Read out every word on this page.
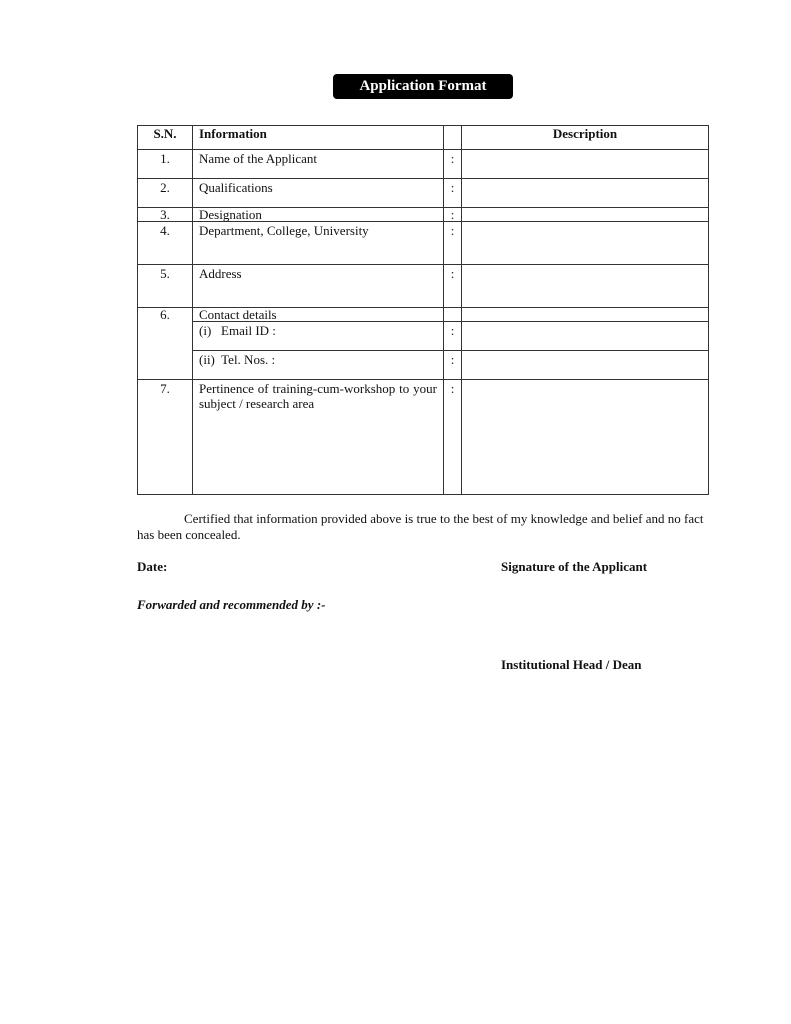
Application Format
S.N.	Information		Description

1.	Name of the Applicant	:	

2.	Qualifications	:	

3.	Designation	:	

4.	Department, College, University	:	

5.	Address	:	

6.	Contact details		

	(i)   Email ID :	:	

	(ii)  Tel. Nos. :	:	

7.	Pertinence of training-cum-workshop to your subject / research area	:	

Certified that information provided above is true to the best of my knowledge and belief and no fact has been concealed.

Date:	Signature of the Applicant
Forwarded and recommended by :-
Institutional Head / Dean
